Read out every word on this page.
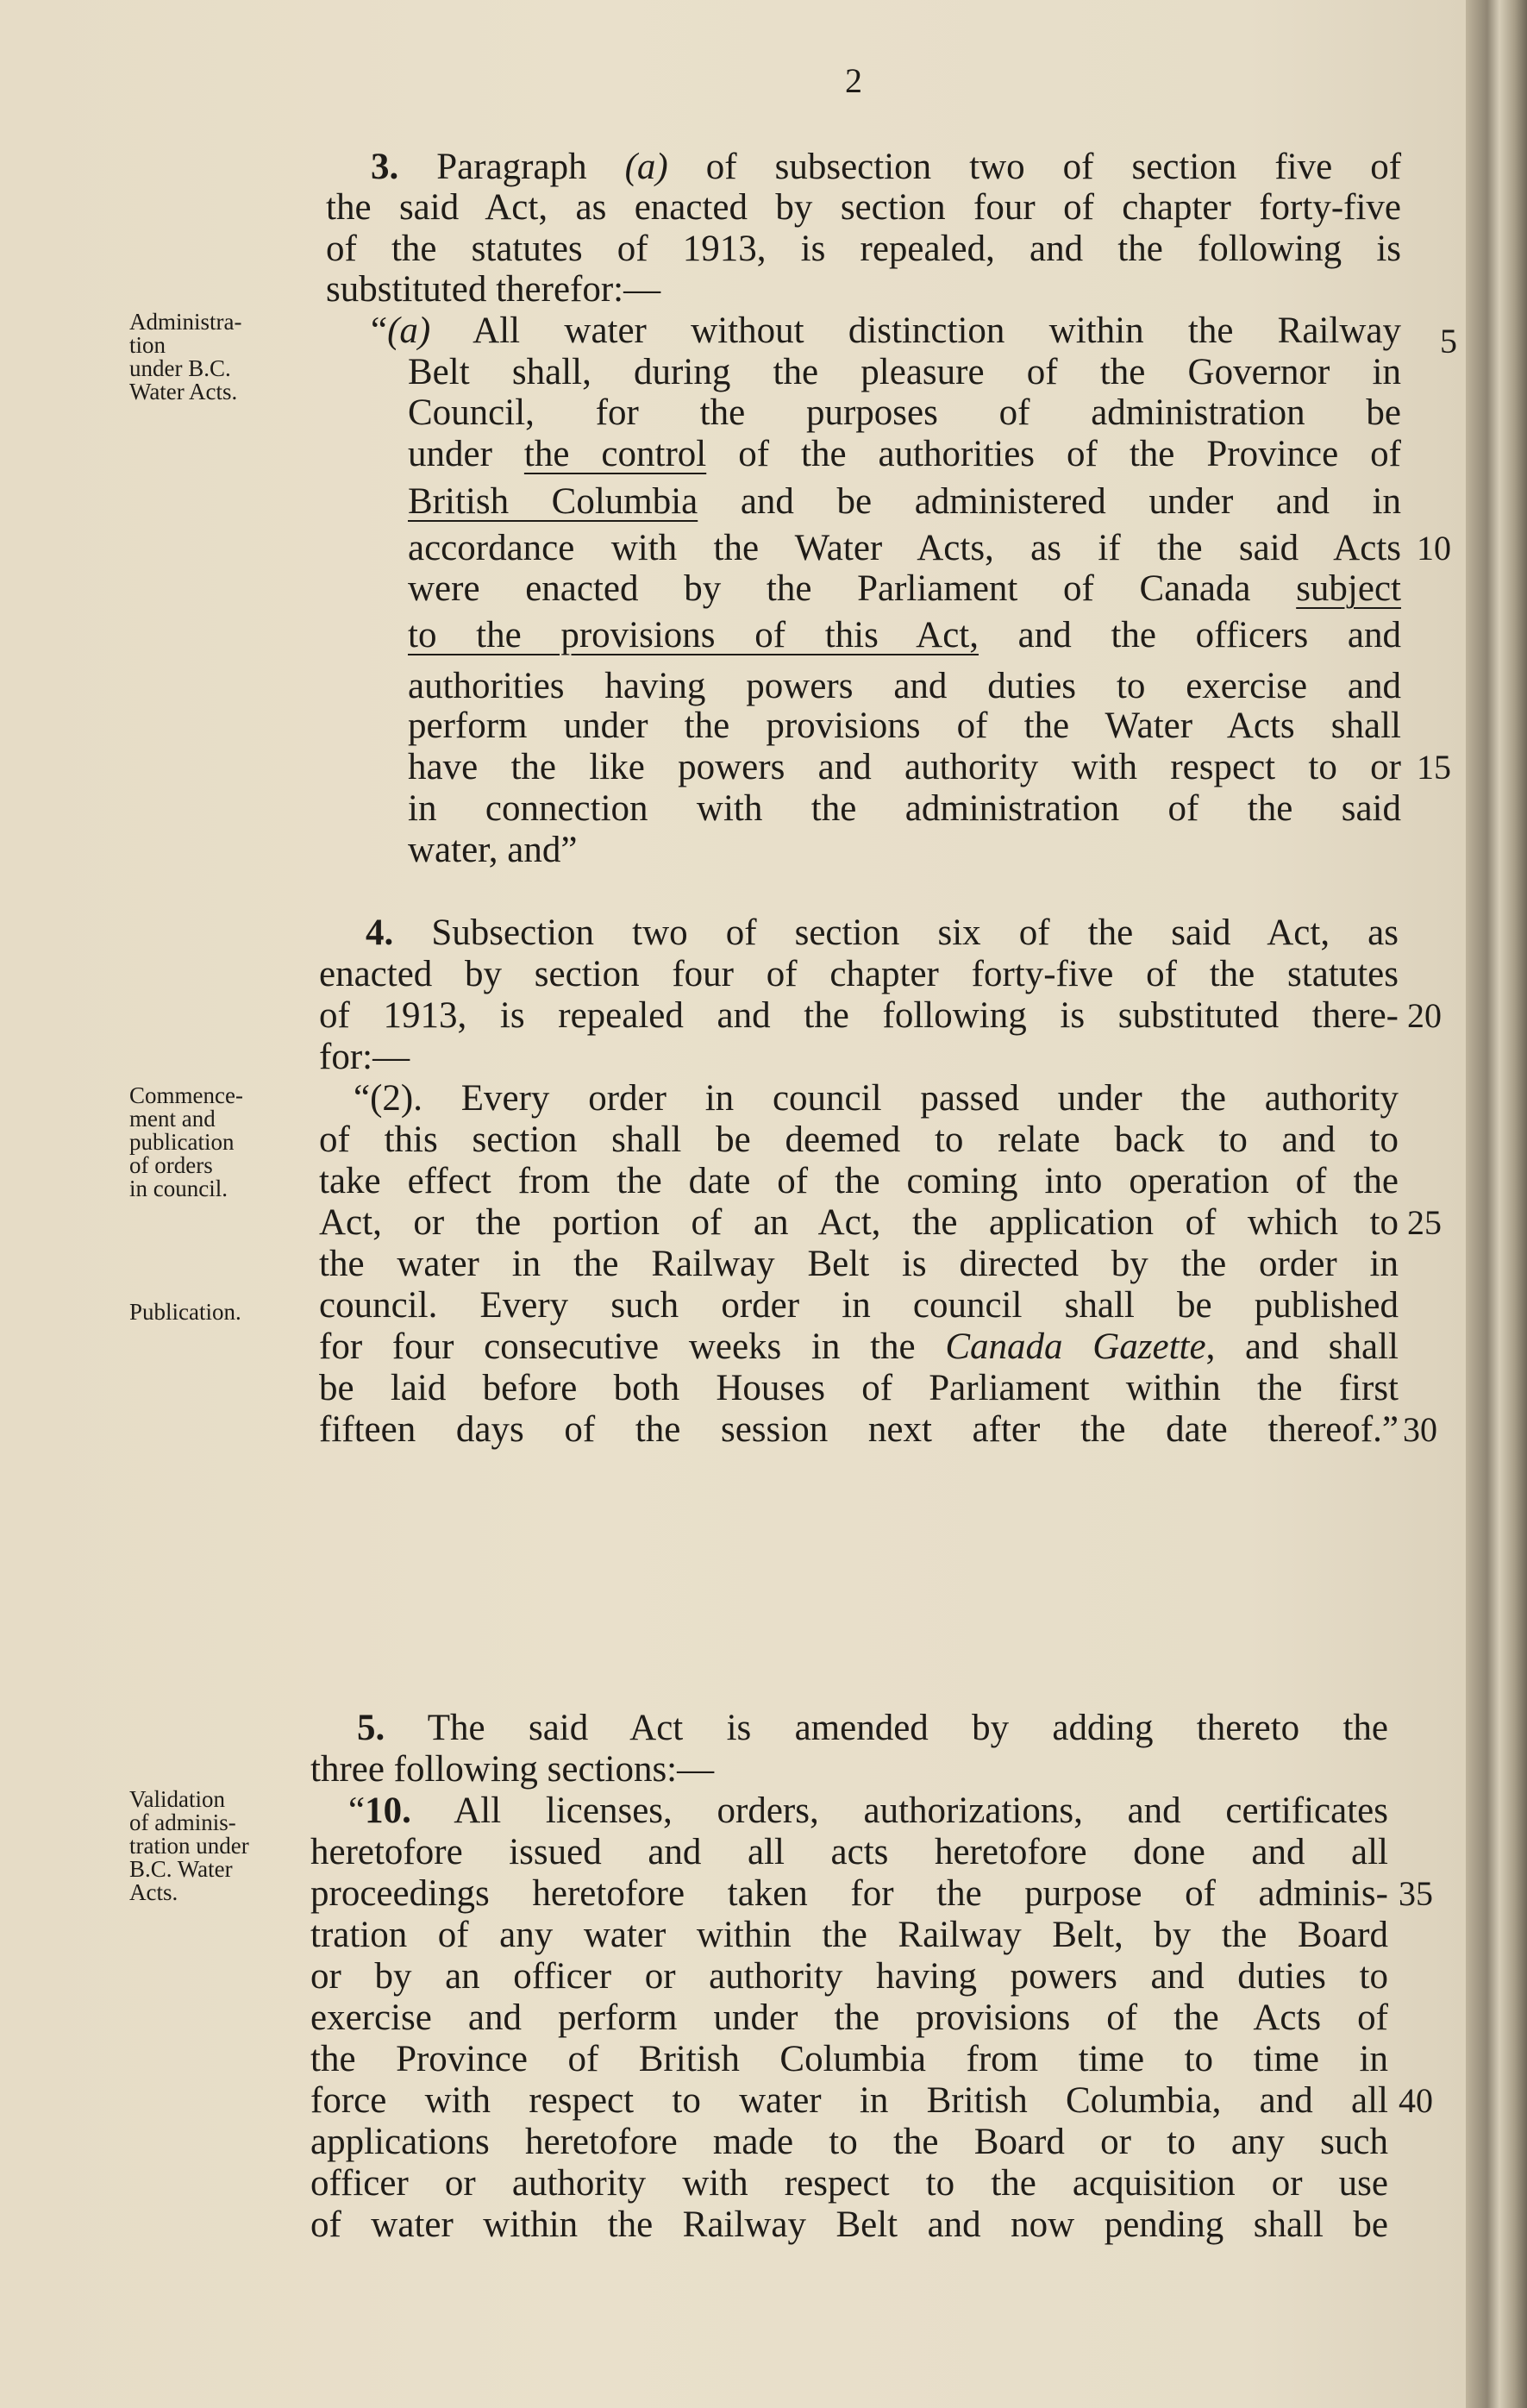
2
Administra-
tion
under B.C.
Water Acts.
Commence-
ment and
publication
of orders
in council.
Publication.
Validation
of adminis-
tration under
B.C. Water
Acts.
3. Paragraph (a) of subsection two of section five of
the said Act, as enacted by section four of chapter forty-five
of the statutes of 1913, is repealed, and the following is
substituted therefor:—
“(a) All water without distinction within the Railway
Belt shall, during the pleasure of the Governor in
Council, for the purposes of administration be
under the control of the authorities of the Province of
British Columbia and be administered under and in
accordance with the Water Acts, as if the said Acts
were enacted by the Parliament of Canada subject
to the provisions of this Act, and the officers and
authorities having powers and duties to exercise and
perform under the provisions of the Water Acts shall
have the like powers and authority with respect to or
in connection with the administration of the said
water, and”
4. Subsection two of section six of the said Act, as
enacted by section four of chapter forty-five of the statutes
of 1913, is repealed and the following is substituted there-
for:—
“(2). Every order in council passed under the authority
of this section shall be deemed to relate back to and to
take effect from the date of the coming into operation of the
Act, or the portion of an Act, the application of which to
the water in the Railway Belt is directed by the order in
council. Every such order in council shall be published
for four consecutive weeks in the Canada Gazette, and shall
be laid before both Houses of Parliament within the first
fifteen days of the session next after the date thereof.”
5. The said Act is amended by adding thereto the
three following sections:—
“10. All licenses, orders, authorizations, and certificates
heretofore issued and all acts heretofore done and all
proceedings heretofore taken for the purpose of adminis-
tration of any water within the Railway Belt, by the Board
or by an officer or authority having powers and duties to
exercise and perform under the provisions of the Acts of
the Province of British Columbia from time to time in
force with respect to water in British Columbia, and all
applications heretofore made to the Board or to any such
officer or authority with respect to the acquisition or use
of water within the Railway Belt and now pending shall be
5
10
15
20
25
30
35
40
